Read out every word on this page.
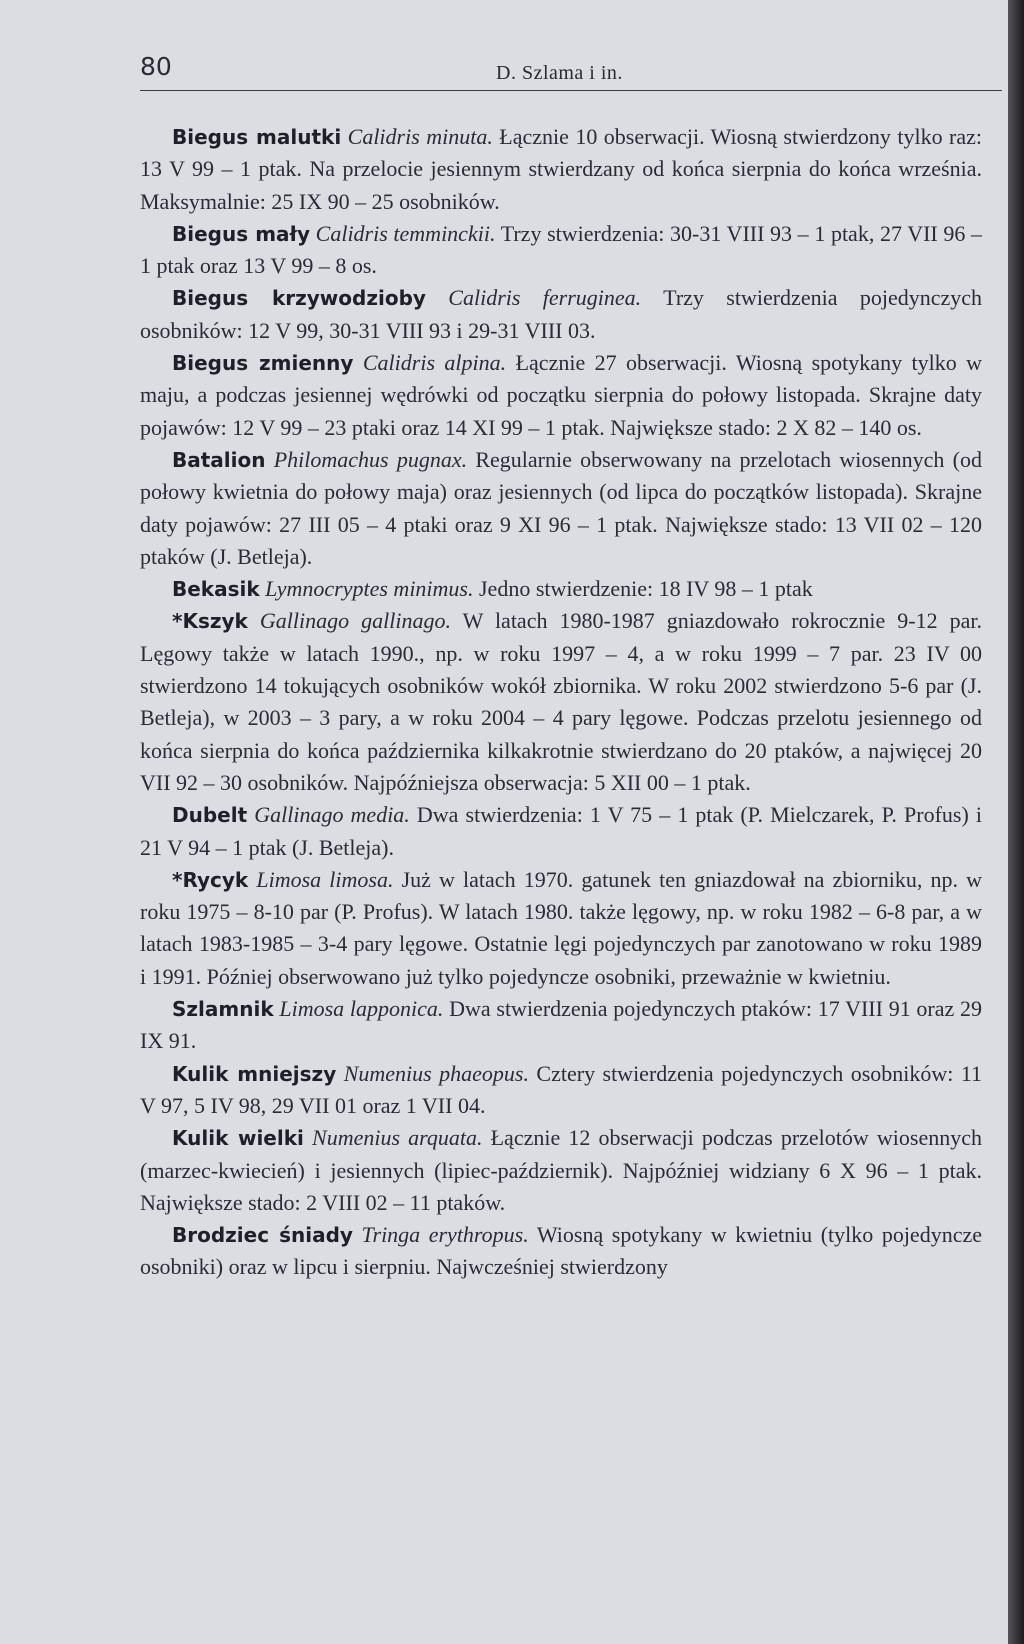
80	D. Szlama i in.

Biegus malutki Calidris minuta. Łącznie 10 obserwacji. Wiosną stwierdzony tylko raz: 13 V 99 – 1 ptak. Na przelocie jesiennym stwierdzany od końca sierpnia do końca września. Maksymalnie: 25 IX 90 – 25 osobników.

Biegus mały Calidris temminckii. Trzy stwierdzenia: 30-31 VIII 93 – 1 ptak, 27 VII 96 – 1 ptak oraz 13 V 99 – 8 os.

Biegus krzywodzioby Calidris ferruginea. Trzy stwierdzenia pojedynczych osobników: 12 V 99, 30-31 VIII 93 i 29-31 VIII 03.

Biegus zmienny Calidris alpina. Łącznie 27 obserwacji. Wiosną spotykany tylko w maju, a podczas jesiennej wędrówki od początku sierpnia do połowy listopada. Skrajne daty pojawów: 12 V 99 – 23 ptaki oraz 14 XI 99 – 1 ptak. Największe stado: 2 X 82 – 140 os.

Batalion Philomachus pugnax. Regularnie obserwowany na przelotach wiosennych (od połowy kwietnia do połowy maja) oraz jesiennych (od lipca do początków listopada). Skrajne daty pojawów: 27 III 05 – 4 ptaki oraz 9 XI 96 – 1 ptak. Największe stado: 13 VII 02 – 120 ptaków (J. Betleja).

Bekasik Lymnocryptes minimus. Jedno stwierdzenie: 18 IV 98 – 1 ptak

*Kszyk Gallinago gallinago. W latach 1980-1987 gniazdowało rokrocznie 9-12 par. Lęgowy także w latach 1990., np. w roku 1997 – 4, a w roku 1999 – 7 par. 23 IV 00 stwierdzono 14 tokujących osobników wokół zbiornika. W roku 2002 stwierdzono 5-6 par (J. Betleja), w 2003 – 3 pary, a w roku 2004 – 4 pary lęgowe. Podczas przelotu jesiennego od końca sierpnia do końca października kilkakrotnie stwierdzano do 20 ptaków, a najwięcej 20 VII 92 – 30 osobników. Najpóźniejsza obserwacja: 5 XII 00 – 1 ptak.

Dubelt Gallinago media. Dwa stwierdzenia: 1 V 75 – 1 ptak (P. Mielczarek, P. Profus) i 21 V 94 – 1 ptak (J. Betleja).

*Rycyk Limosa limosa. Już w latach 1970. gatunek ten gniazdował na zbiorniku, np. w roku 1975 – 8-10 par (P. Profus). W latach 1980. także lęgowy, np. w roku 1982 – 6-8 par, a w latach 1983-1985 – 3-4 pary lęgowe. Ostatnie lęgi pojedynczych par zanotowano w roku 1989 i 1991. Później obserwowano już tylko pojedyncze osobniki, przeważnie w kwietniu.

Szlamnik Limosa lapponica. Dwa stwierdzenia pojedynczych ptaków: 17 VIII 91 oraz 29 IX 91.

Kulik mniejszy Numenius phaeopus. Cztery stwierdzenia pojedynczych osobników: 11 V 97, 5 IV 98, 29 VII 01 oraz 1 VII 04.

Kulik wielki Numenius arquata. Łącznie 12 obserwacji podczas przelotów wiosennych (marzec-kwiecień) i jesiennych (lipiec-październik). Najpóźniej widziany 6 X 96 – 1 ptak. Największe stado: 2 VIII 02 – 11 ptaków.

Brodziec śniady Tringa erythropus. Wiosną spotykany w kwietniu (tylko pojedyncze osobniki) oraz w lipcu i sierpniu. Najwcześniej stwierdzony
